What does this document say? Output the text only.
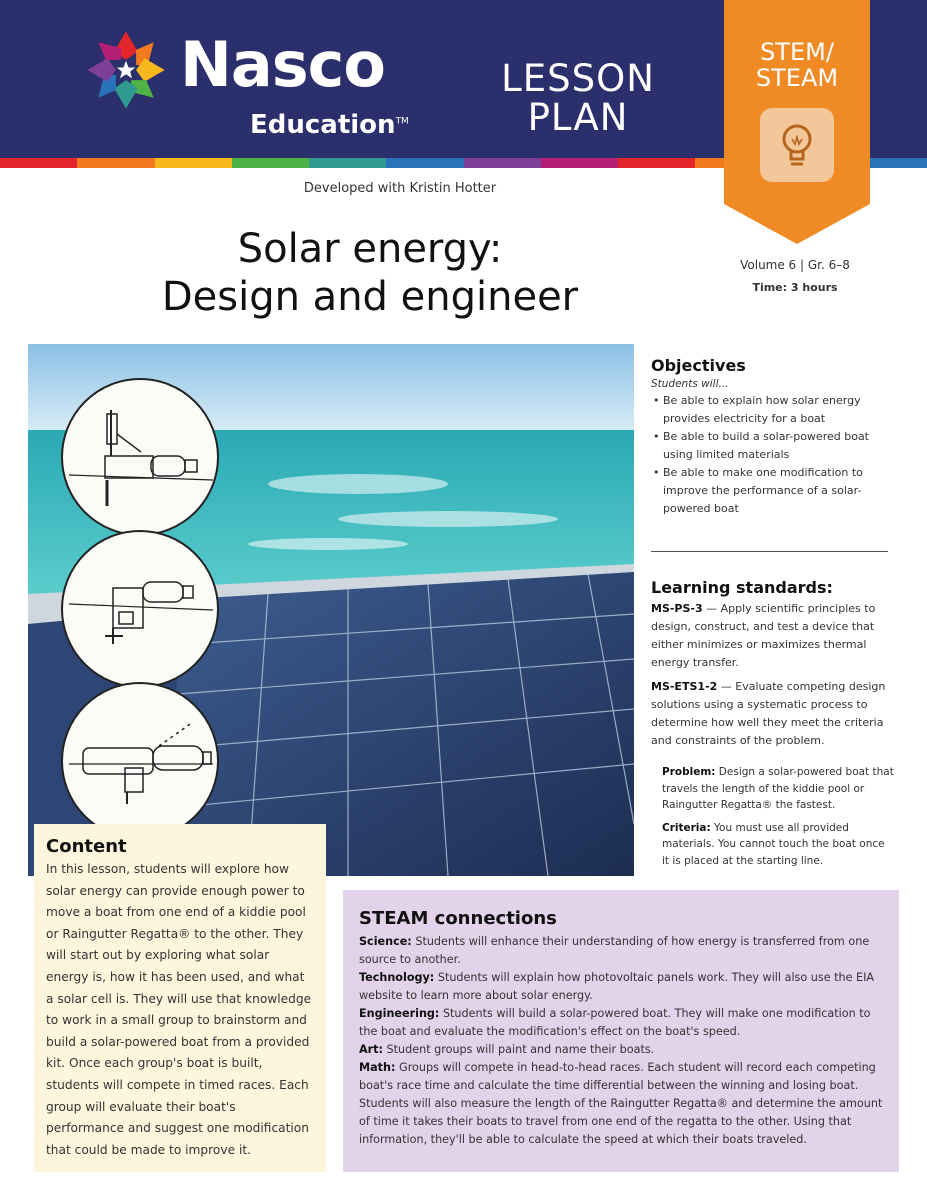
Nasco
Education™
LESSON
PLAN
STEM/
STEAM
Developed with Kristin Hotter
Solar energy:
Design and engineer
Volume 6 | Gr. 6–8
Time: 3 hours
Objectives
Students will...
• Be able to explain how solar energy provides electricity for a boat
• Be able to build a solar-powered boat using limited materials
• Be able to make one modification to improve the performance of a solar-powered boat
Learning standards:

MS-PS-3 — Apply scientific principles to design, construct, and test a device that either minimizes or maximizes thermal energy transfer.

MS-ETS1-2 — Evaluate competing design solutions using a systematic process to determine how well they meet the criteria and constraints of the problem.

Problem: Design a solar-powered boat that travels the length of the kiddie pool or Raingutter Regatta® the fastest.

Criteria: You must use all provided materials. You cannot touch the boat once it is placed at the starting line.

Content

In this lesson, students will explore how solar energy can provide enough power to move a boat from one end of a kiddie pool or Raingutter Regatta® to the other. They will start out by exploring what solar energy is, how it has been used, and what a solar cell is. They will use that knowledge to work in a small group to brainstorm and build a solar-powered boat from a provided kit. Once each group's boat is built, students will compete in timed races. Each group will evaluate their boat's performance and suggest one modification that could be made to improve it.

STEAM connections

Science: Students will enhance their understanding of how energy is transferred from one source to another.

Technology: Students will explain how photovoltaic panels work. They will also use the EIA website to learn more about solar energy.

Engineering: Students will build a solar-powered boat. They will make one modification to the boat and evaluate the modification's effect on the boat's speed.

Art: Student groups will paint and name their boats.

Math: Groups will compete in head-to-head races. Each student will record each competing boat's race time and calculate the time differential between the winning and losing boat. Students will also measure the length of the Raingutter Regatta® and determine the amount of time it takes their boats to travel from one end of the regatta to the other. Using that information, they'll be able to calculate the speed at which their boats traveled.
